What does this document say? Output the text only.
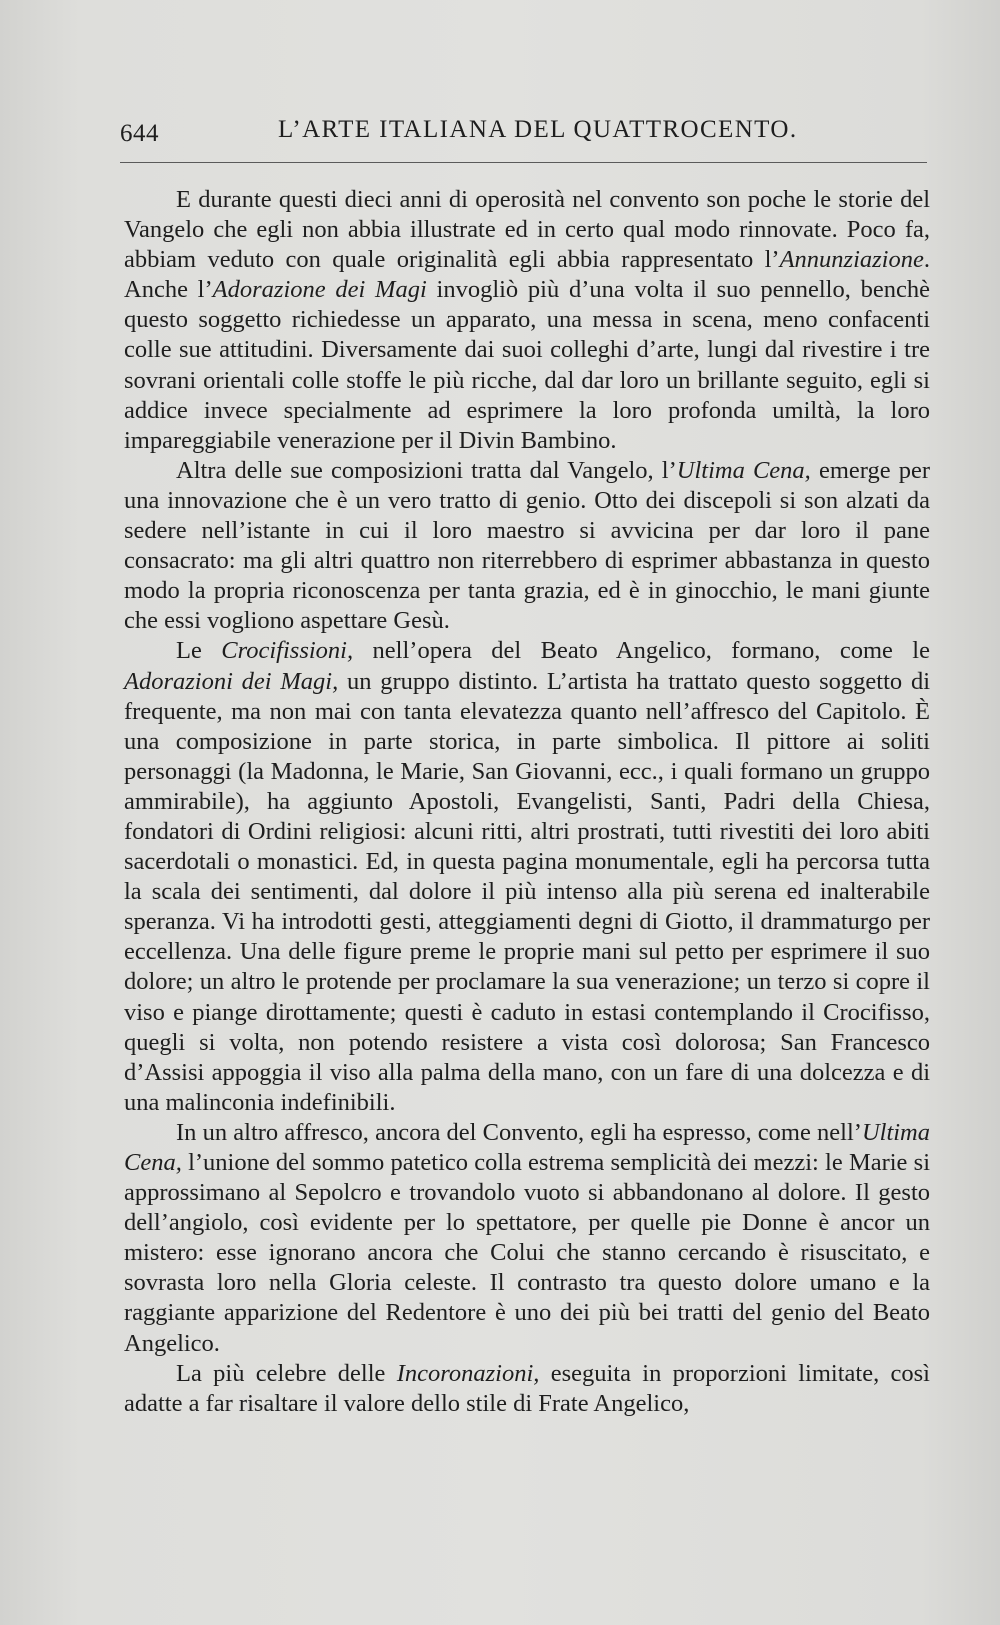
644	L’ARTE ITALIANA DEL QUATTROCENTO.

E durante questi dieci anni di operosità nel convento son poche le storie del Vangelo che egli non abbia illustrate ed in certo qual modo rinnovate. Poco fa, abbiam veduto con quale originalità egli abbia rappresentato l’Annunziazione. Anche l’Adorazione dei Magi invogliò più d’una volta il suo pennello, benchè questo soggetto richiedesse un apparato, una messa in scena, meno confacenti colle sue attitudini. Diversamente dai suoi colleghi d’arte, lungi dal rivestire i tre sovrani orientali colle stoffe le più ricche, dal dar loro un brillante seguito, egli si addice invece specialmente ad esprimere la loro profonda umiltà, la loro impareggiabile venerazione per il Divin Bambino.

Altra delle sue composizioni tratta dal Vangelo, l’Ultima Cena, emerge per una innovazione che è un vero tratto di genio. Otto dei discepoli si son alzati da sedere nell’istante in cui il loro maestro si avvicina per dar loro il pane consacrato: ma gli altri quattro non riterrebbero di esprimer abbastanza in questo modo la propria riconoscenza per tanta grazia, ed è in ginocchio, le mani giunte che essi vogliono aspettare Gesù.

Le Crocifissioni, nell’opera del Beato Angelico, formano, come le Adorazioni dei Magi, un gruppo distinto. L’artista ha trattato questo soggetto di frequente, ma non mai con tanta elevatezza quanto nell’affresco del Capitolo. È una composizione in parte storica, in parte simbolica. Il pittore ai soliti personaggi (la Madonna, le Marie, San Giovanni, ecc., i quali formano un gruppo ammirabile), ha aggiunto Apostoli, Evangelisti, Santi, Padri della Chiesa, fondatori di Ordini religiosi: alcuni ritti, altri prostrati, tutti rivestiti dei loro abiti sacerdotali o monastici. Ed, in questa pagina monumentale, egli ha percorsa tutta la scala dei sentimenti, dal dolore il più intenso alla più serena ed inalterabile speranza. Vi ha introdotti gesti, atteggiamenti degni di Giotto, il drammaturgo per eccellenza. Una delle figure preme le proprie mani sul petto per esprimere il suo dolore; un altro le protende per proclamare la sua venerazione; un terzo si copre il viso e piange dirottamente; questi è caduto in estasi contemplando il Crocifisso, quegli si volta, non potendo resistere a vista così dolorosa; San Francesco d’Assisi appoggia il viso alla palma della mano, con un fare di una dolcezza e di una malinconia indefinibili.

In un altro affresco, ancora del Convento, egli ha espresso, come nell’Ultima Cena, l’unione del sommo patetico colla estrema semplicità dei mezzi: le Marie si approssimano al Sepolcro e trovandolo vuoto si abbandonano al dolore. Il gesto dell’angiolo, così evidente per lo spettatore, per quelle pie Donne è ancor un mistero: esse ignorano ancora che Colui che stanno cercando è risuscitato, e sovrasta loro nella Gloria celeste. Il contrasto tra questo dolore umano e la raggiante apparizione del Redentore è uno dei più bei tratti del genio del Beato Angelico.

La più celebre delle Incoronazioni, eseguita in proporzioni limitate, così adatte a far risaltare il valore dello stile di Frate Angelico,
